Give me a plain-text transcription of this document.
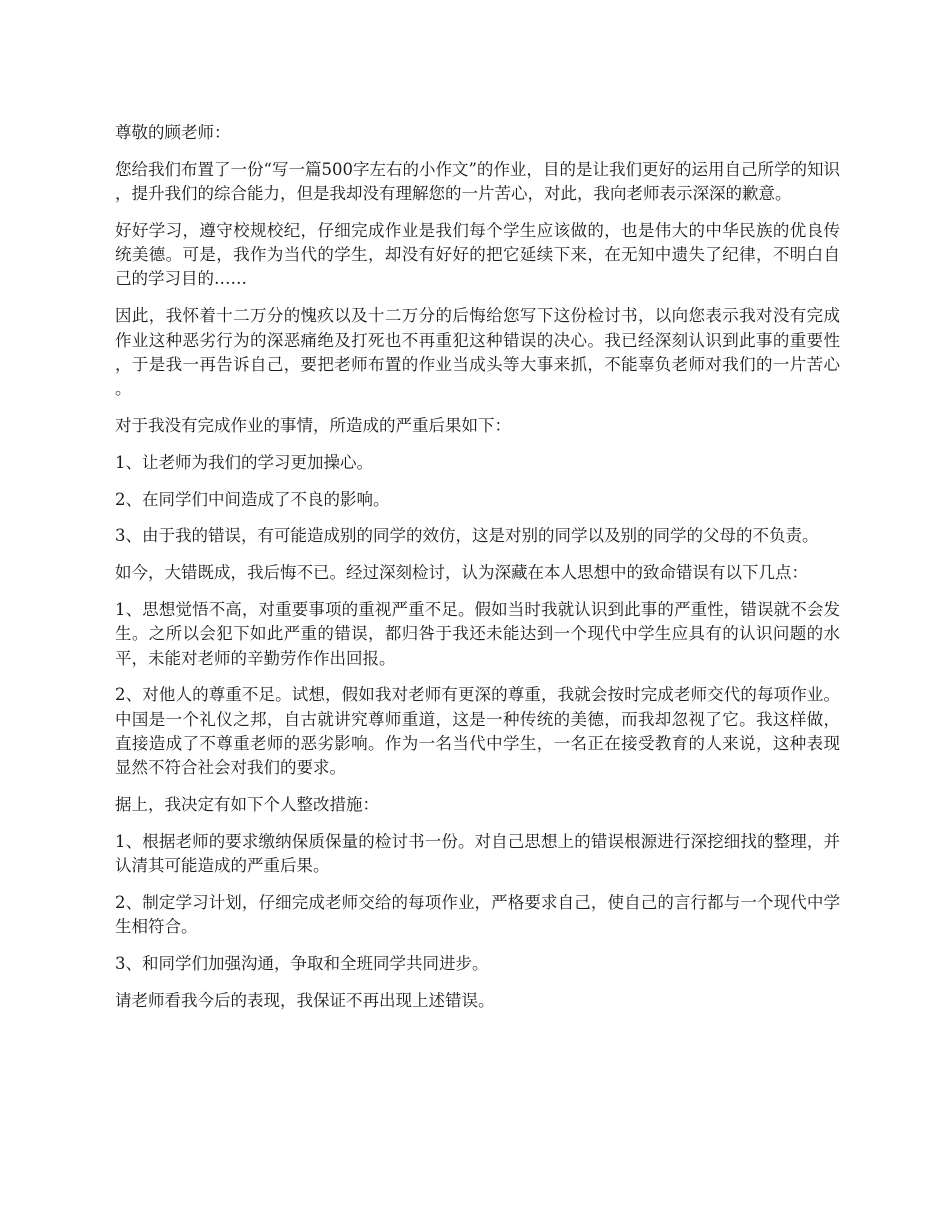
尊敬的顾老师：

您给我们布置了一份“写一篇500字左右的小作文”的作业，目的是让我们更好的运用自己所学的知识，提升我们的综合能力，但是我却没有理解您的一片苦心，对此，我向老师表示深深的歉意。

好好学习，遵守校规校纪，仔细完成作业是我们每个学生应该做的，也是伟大的中华民族的优良传统美德。可是，我作为当代的学生，却没有好好的把它延续下来，在无知中遗失了纪律，不明白自己的学习目的……

因此，我怀着十二万分的愧疚以及十二万分的后悔给您写下这份检讨书，以向您表示我对没有完成作业这种恶劣行为的深恶痛绝及打死也不再重犯这种错误的决心。我已经深刻认识到此事的重要性，于是我一再告诉自己，要把老师布置的作业当成头等大事来抓，不能辜负老师对我们的一片苦心。

对于我没有完成作业的事情，所造成的严重后果如下：

1、让老师为我们的学习更加操心。

2、在同学们中间造成了不良的影响。

3、由于我的错误，有可能造成别的同学的效仿，这是对别的同学以及别的同学的父母的不负责。

如今，大错既成，我后悔不已。经过深刻检讨，认为深藏在本人思想中的致命错误有以下几点：

1、思想觉悟不高，对重要事项的重视严重不足。假如当时我就认识到此事的严重性，错误就不会发生。之所以会犯下如此严重的错误，都归咎于我还未能达到一个现代中学生应具有的认识问题的水平，未能对老师的辛勤劳作作出回报。

2、对他人的尊重不足。试想，假如我对老师有更深的尊重，我就会按时完成老师交代的每项作业。中国是一个礼仪之邦，自古就讲究尊师重道，这是一种传统的美德，而我却忽视了它。我这样做，直接造成了不尊重老师的恶劣影响。作为一名当代中学生，一名正在接受教育的人来说，这种表现显然不符合社会对我们的要求。

据上，我决定有如下个人整改措施：

1、根据老师的要求缴纳保质保量的检讨书一份。对自己思想上的错误根源进行深挖细找的整理，并认清其可能造成的严重后果。

2、制定学习计划，仔细完成老师交给的每项作业，严格要求自己，使自己的言行都与一个现代中学生相符合。

3、和同学们加强沟通，争取和全班同学共同进步。

请老师看我今后的表现，我保证不再出现上述错误。
